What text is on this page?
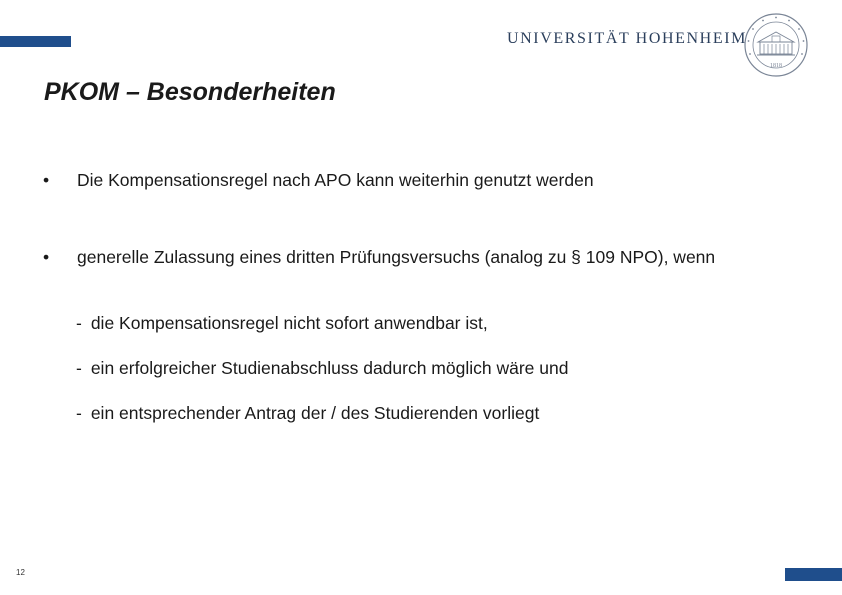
UNIVERSITÄT HOHENHEIM
1818
PKOM – Besonderheiten
• Die Kompensationsregel nach APO kann weiterhin genutzt werden
• generelle Zulassung eines dritten Prüfungsversuchs (analog zu § 109 NPO), wenn
- die Kompensationsregel nicht sofort anwendbar ist,
- ein erfolgreicher Studienabschluss dadurch möglich wäre und
- ein entsprechender Antrag der / des Studierenden vorliegt
12
